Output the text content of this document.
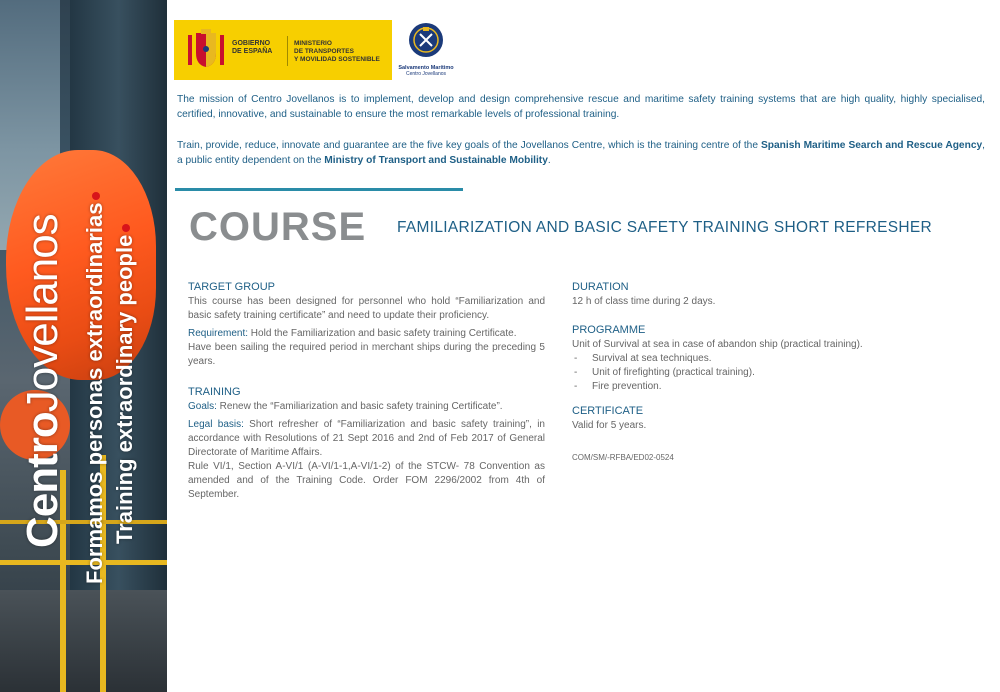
CentroJovellanos Formamos personas extraordinarias Training extraordinary people
GOBIERNO
DE ESPAÑA
MINISTERIO
DE TRANSPORTES
Y MOVILIDAD SOSTENIBLE
Salvamento Marítimo
Centro Jovellanos
The mission of Centro Jovellanos is to implement, develop and design comprehensive rescue and maritime safety training systems that are high quality, highly specialised, certified, innovative, and sustainable to ensure the most remarkable levels of professional training.
Train, provide, reduce, innovate and guarantee are the five key goals of the Jovellanos Centre, which is the training centre of the Spanish Maritime Search and Rescue Agency, a public entity dependent on the Ministry of Transport and Sustainable Mobility.
COURSE FAMILIARIZATION AND BASIC SAFETY TRAINING SHORT REFRESHER
TARGET GROUP
This course has been designed for personnel who hold “Familiarization and basic safety training certificate” and need to update their proficiency.
Requirement: Hold the Familiarization and basic safety training Certificate.
Have been sailing the required period in merchant ships during the preceding 5 years.
TRAINING
Goals: Renew the “Familiarization and basic safety training Certificate”.
Legal basis: Short refresher of “Familiarization and basic safety training”, in accordance with Resolutions of 21 Sept 2016 and 2nd of Feb 2017 of General Directorate of Maritime Affairs.
Rule VI/1, Section A-VI/1 (A-VI/1-1,A-VI/1-2) of the STCW- 78 Convention as amended and of the Training Code. Order FOM 2296/2002 from 4th of September.
DURATION
12 h of class time during 2 days.
PROGRAMME
Unit of Survival at sea in case of abandon ship (practical training).
- Survival at sea techniques.
- Unit of firefighting (practical training).
- Fire prevention.
CERTIFICATE
Valid for 5 years.
COM/SM/-RFBA/ED02-0524
